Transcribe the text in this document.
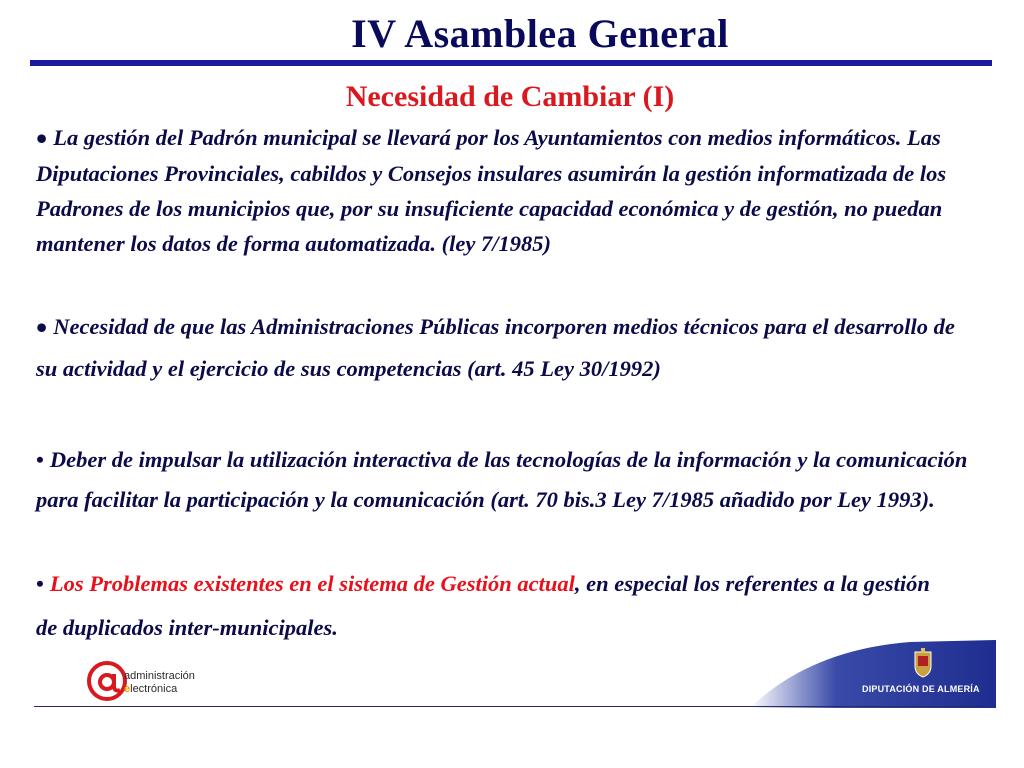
IV Asamblea General
Necesidad de Cambiar (I)
• La gestión del Padrón municipal se llevará por los Ayuntamientos con medios informáticos. Las Diputaciones Provinciales, cabildos y Consejos insulares asumirán la gestión informatizada de los Padrones de los municipios que, por su insuficiente capacidad económica y de gestión, no puedan mantener los datos de forma automatizada. (ley 7/1985)
• Necesidad de que las Administraciones Públicas incorporen medios técnicos para el desarrollo de su actividad y el ejercicio de sus competencias (art. 45 Ley 30/1992)
• Deber de impulsar la utilización interactiva de las tecnologías de la información y la comunicación para facilitar la participación y la comunicación (art. 70 bis.3 Ley 7/1985 añadido por Ley 1993).
• Los Problemas existentes en el sistema de Gestión actual, en especial los referentes a la gestión de duplicados inter-municipales.
administración
electrónica	DIPUTACIÓN DE ALMERÍA
